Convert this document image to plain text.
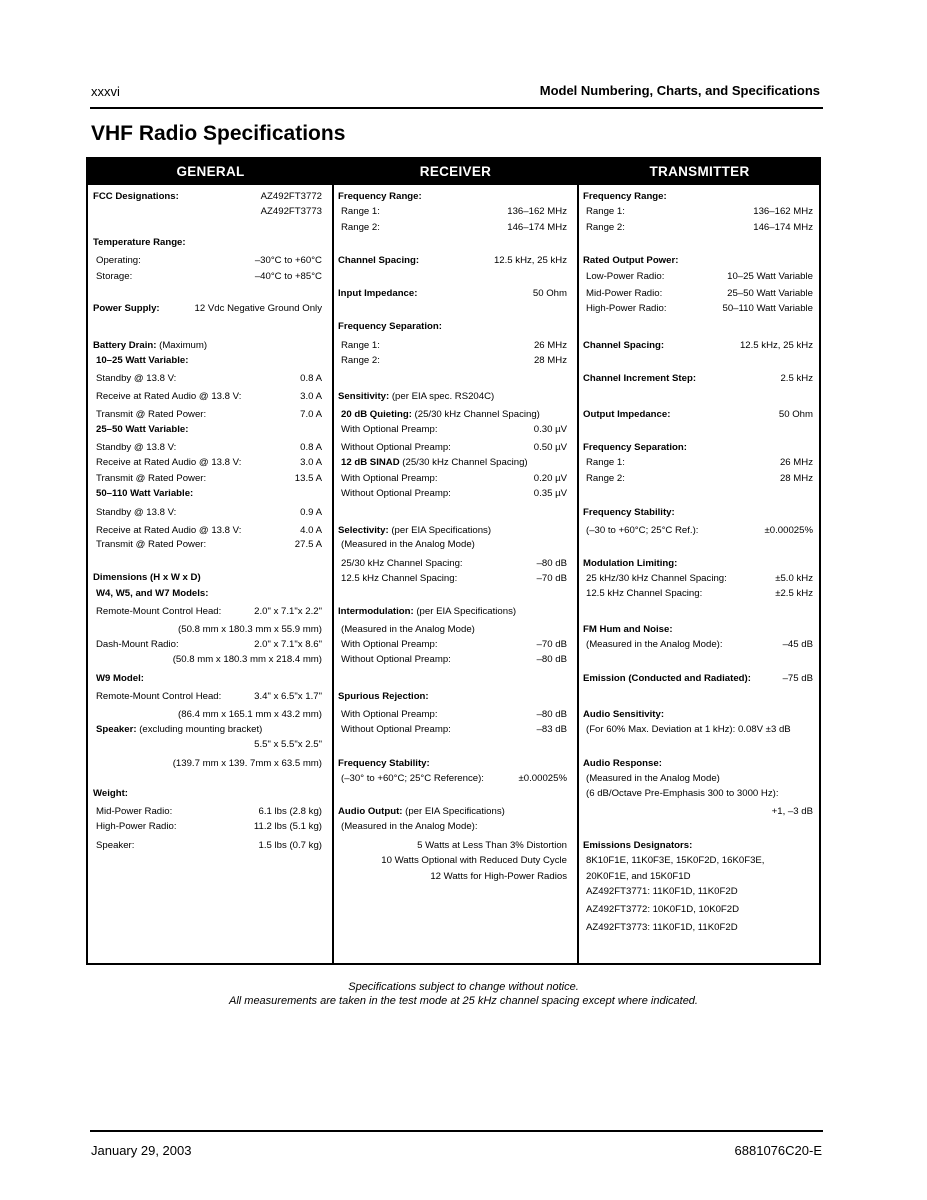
xxxvi	Model Numbering, Charts, and Specifications
VHF Radio Specifications
GENERAL	RECEIVER	TRANSMITTER
FCC Designations:	AZ492FT3772
AZ492FT3773
Temperature Range:
Operating:	–30°C to +60°C
Storage:	–40°C to +85°C
Power Supply:	12 Vdc Negative Ground Only
Battery Drain: (Maximum)
10–25 Watt Variable:
Standby @ 13.8 V:	0.8 A
Receive at Rated Audio @ 13.8 V:	3.0 A
Transmit @ Rated Power:	7.0 A
25–50 Watt Variable:
Standby @ 13.8 V:	0.8 A
Receive at Rated Audio @ 13.8 V:	3.0 A
Transmit @ Rated Power:	13.5 A
50–110 Watt Variable:
Standby @ 13.8 V:	0.9 A
Receive at Rated Audio @ 13.8 V:	4.0 A
Transmit @ Rated Power:	27.5 A
Dimensions (H x W x D)
W4, W5, and W7 Models:
Remote-Mount Control Head:	2.0" x 7.1"x 2.2"
(50.8 mm x 180.3 mm x 55.9 mm)
Dash-Mount Radio:	2.0" x 7.1"x 8.6"
(50.8 mm x 180.3 mm x 218.4 mm)
W9 Model:
Remote-Mount Control Head:	3.4" x 6.5"x 1.7"
(86.4 mm x 165.1 mm x 43.2 mm)
Speaker: (excluding mounting bracket)
5.5" x 5.5"x 2.5"
(139.7 mm x 139. 7mm x 63.5 mm)
Weight:
Mid-Power Radio:	6.1 lbs (2.8 kg)
High-Power Radio:	11.2 lbs (5.1 kg)
Speaker:	1.5 lbs (0.7 kg)
Frequency Range:
Range 1:	136–162 MHz
Range 2:	146–174 MHz
Channel Spacing:	12.5 kHz, 25 kHz
Input Impedance:	50 Ohm
Frequency Separation:
Range 1:	26 MHz
Range 2:	28 MHz
Sensitivity: (per EIA spec. RS204C)
20 dB Quieting: (25/30 kHz Channel Spacing)
With Optional Preamp:	0.30 µV
Without Optional Preamp:	0.50 µV
12 dB SINAD (25/30 kHz Channel Spacing)
With Optional Preamp:	0.20 µV
Without Optional Preamp:	0.35 µV
Selectivity: (per EIA Specifications)
(Measured in the Analog Mode)
25/30 kHz Channel Spacing:	–80 dB
12.5 kHz Channel Spacing:	–70 dB
Intermodulation: (per EIA Specifications)
(Measured in the Analog Mode)
With Optional Preamp:	–70 dB
Without Optional Preamp:	–80 dB
Spurious Rejection:
With Optional Preamp:	–80 dB
Without Optional Preamp:	–83 dB
Frequency Stability:
(–30° to +60°C; 25°C Reference):	±0.00025%
Audio Output: (per EIA Specifications)
(Measured in the Analog Mode):
5 Watts at Less Than 3% Distortion
10 Watts Optional with Reduced Duty Cycle
12 Watts for High-Power Radios
Frequency Range:
Range 1:	136–162 MHz
Range 2:	146–174 MHz
Rated Output Power:
Low-Power Radio:	10–25 Watt Variable
Mid-Power Radio:	25–50 Watt Variable
High-Power Radio:	50–110 Watt Variable
Channel Spacing:	12.5 kHz, 25 kHz
Channel Increment Step:	2.5 kHz
Output Impedance:	50 Ohm
Frequency Separation:
Range 1:	26 MHz
Range 2:	28 MHz
Frequency Stability:
(–30 to +60°C; 25°C Ref.):	±0.00025%
Modulation Limiting:
25 kHz/30 kHz Channel Spacing:	±5.0 kHz
12.5 kHz Channel Spacing:	±2.5 kHz
FM Hum and Noise:
(Measured in the Analog Mode):	–45 dB
Emission (Conducted and Radiated):	–75 dB
Audio Sensitivity:
(For 60% Max. Deviation at 1 kHz): 0.08V ±3 dB
Audio Response:
(Measured in the Analog Mode)
(6 dB/Octave Pre-Emphasis 300 to 3000 Hz):
+1, –3 dB
Emissions Designators:
8K10F1E, 11K0F3E, 15K0F2D, 16K0F3E,
20K0F1E, and 15K0F1D
AZ492FT3771: 11K0F1D, 11K0F2D
AZ492FT3772: 10K0F1D, 10K0F2D
AZ492FT3773: 11K0F1D, 11K0F2D
Specifications subject to change without notice.
All measurements are taken in the test mode at 25 kHz channel spacing except where indicated.
January 29, 2003	6881076C20-E
